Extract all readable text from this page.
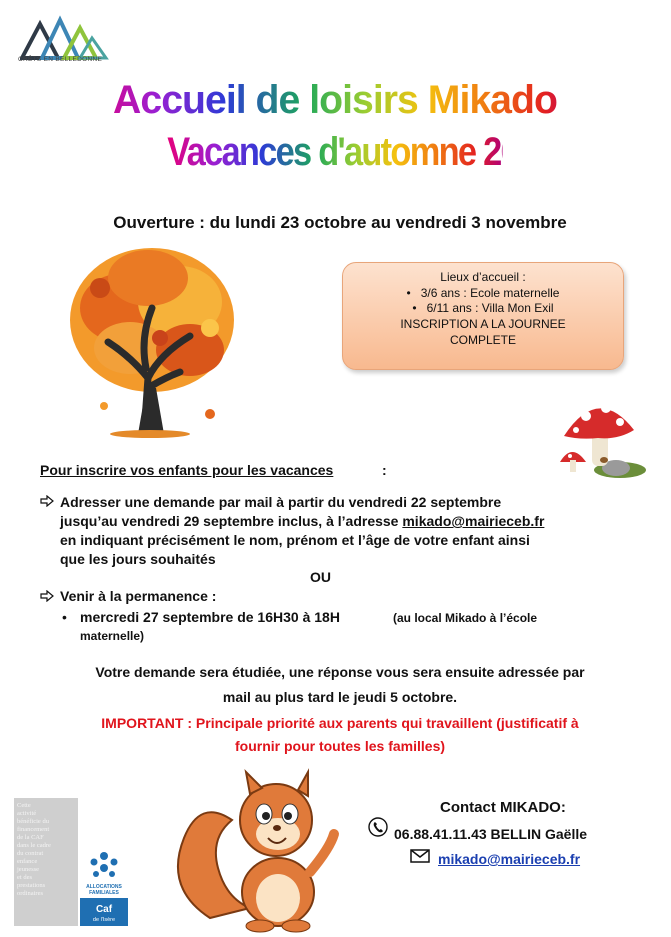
CRÊTS EN BELLEDONNE
Accueil de loisirs Mikado
Vacances d'automne 2023
Ouverture : du lundi 23 octobre au vendredi 3 novembre
Lieux d’accueil :
• 3/6 ans : Ecole maternelle
• 6/11 ans : Villa Mon Exil
INSCRIPTION A LA JOURNEE
COMPLETE
Pour inscrire vos enfants pour les vacances	:
Adresser une demande par mail à partir du vendredi 22 septembre
jusqu’au vendredi 29 septembre inclus, à l’adresse mikado@mairieceb.fr
en indiquant précisément le nom, prénom et l’âge de votre enfant ainsi
que les jours souhaités
OU
Venir à la permanence :
• mercredi 27 septembre de 16H30 à 18H	(au local Mikado à l’école
maternelle)
Votre demande sera étudiée, une réponse vous sera ensuite adressée par
mail au plus tard le jeudi 5 octobre.
IMPORTANT : Principale priorité aux parents qui travaillent (justificatif à
fournir pour toutes les familles)
Cette
activité
bénéficie du
financement
de la CAF
dans le cadre
du contrat
enfance
jeunesse
et des
prestations
ordinaires
ALLOCATIONS
FAMILIALES
Caf
de l'Isère
Contact MIKADO:
06.88.41.11.43 BELLIN Gaëlle
mikado@mairieceb.fr
